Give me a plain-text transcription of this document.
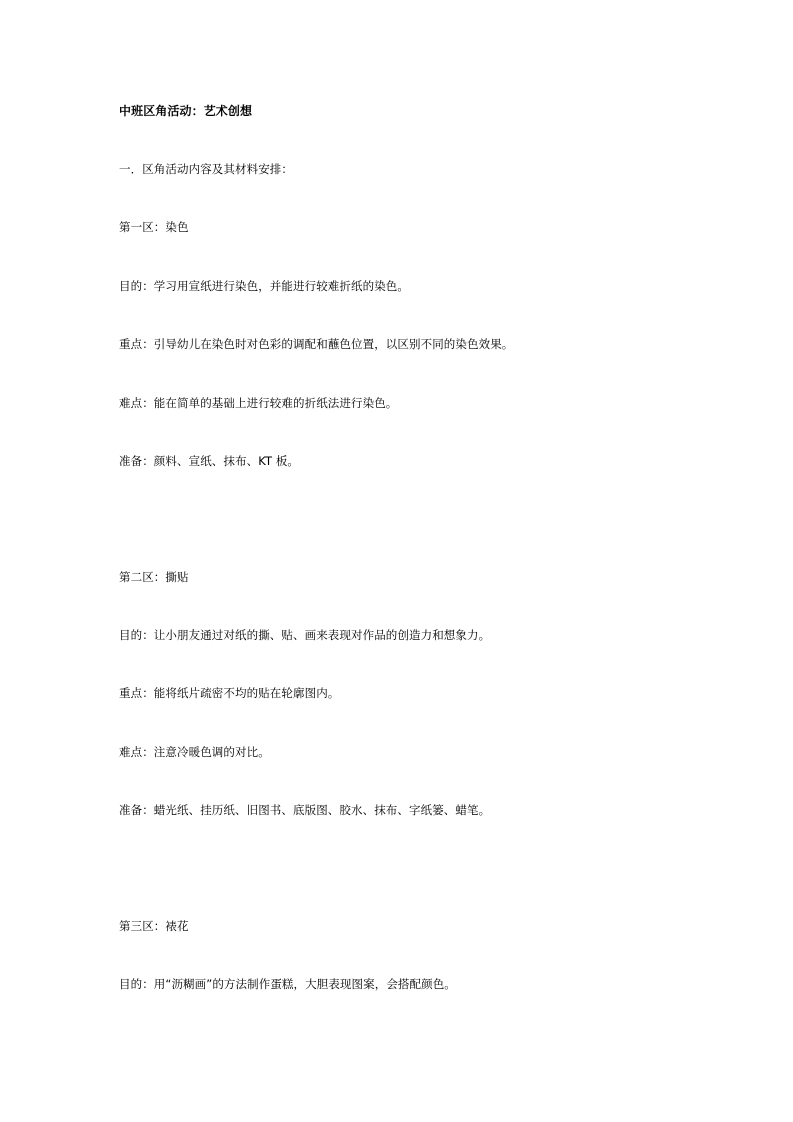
中班区角活动：艺术创想
一．区角活动内容及其材料安排：
第一区：染色
目的：学习用宣纸进行染色，并能进行较难折纸的染色。
重点：引导幼儿在染色时对色彩的调配和蘸色位置，以区别不同的染色效果。
难点：能在简单的基础上进行较难的折纸法进行染色。
准备：颜料、宣纸、抹布、KT 板。
第二区：撕贴
目的：让小朋友通过对纸的撕、贴、画来表现对作品的创造力和想象力。
重点：能将纸片疏密不均的贴在轮廓图内。
难点：注意冷暖色调的对比。
准备：蜡光纸、挂历纸、旧图书、底版图、胶水、抹布、字纸篓、蜡笔。
第三区：裱花
目的：用“沥糊画”的方法制作蛋糕，大胆表现图案，会搭配颜色。
